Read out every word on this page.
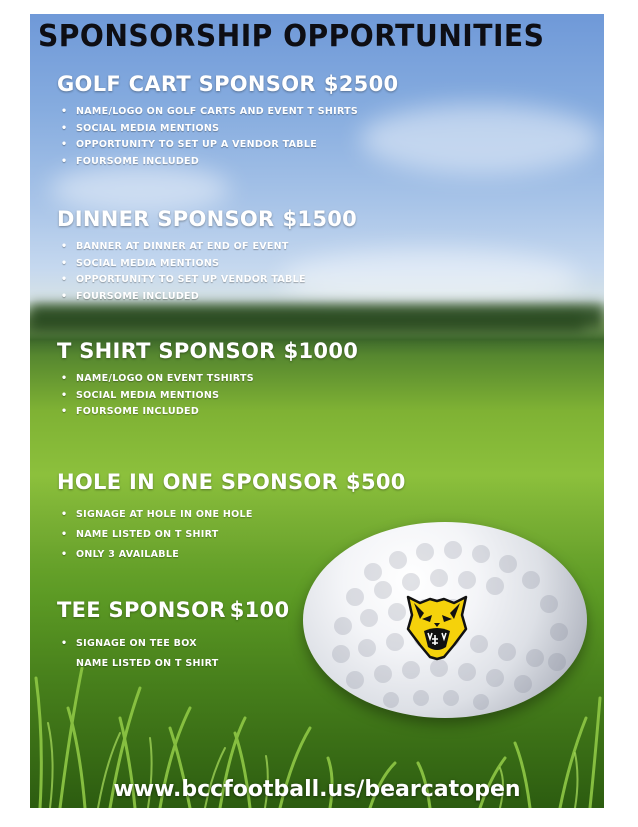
SPONSORSHIP OPPORTUNITIES
GOLF CART SPONSOR $2500
• NAME/LOGO ON GOLF CARTS AND EVENT T SHIRTS
• SOCIAL MEDIA MENTIONS
• OPPORTUNITY TO SET UP A VENDOR TABLE
• FOURSOME INCLUDED
DINNER SPONSOR $1500
• BANNER AT DINNER AT END OF EVENT
• SOCIAL MEDIA MENTIONS
• OPPORTUNITY TO SET UP VENDOR TABLE
• FOURSOME INCLUDED
T SHIRT SPONSOR $1000
• NAME/LOGO ON EVENT TSHIRTS
• SOCIAL MEDIA MENTIONS
• FOURSOME INCLUDED
HOLE IN ONE SPONSOR $500
• SIGNAGE AT HOLE IN ONE HOLE
• NAME LISTED ON T SHIRT
• ONLY 3 AVAILABLE
TEE SPONSOR $100
• SIGNAGE ON TEE BOX
NAME LISTED ON T SHIRT

www.bccfootball.us/bearcatopen
